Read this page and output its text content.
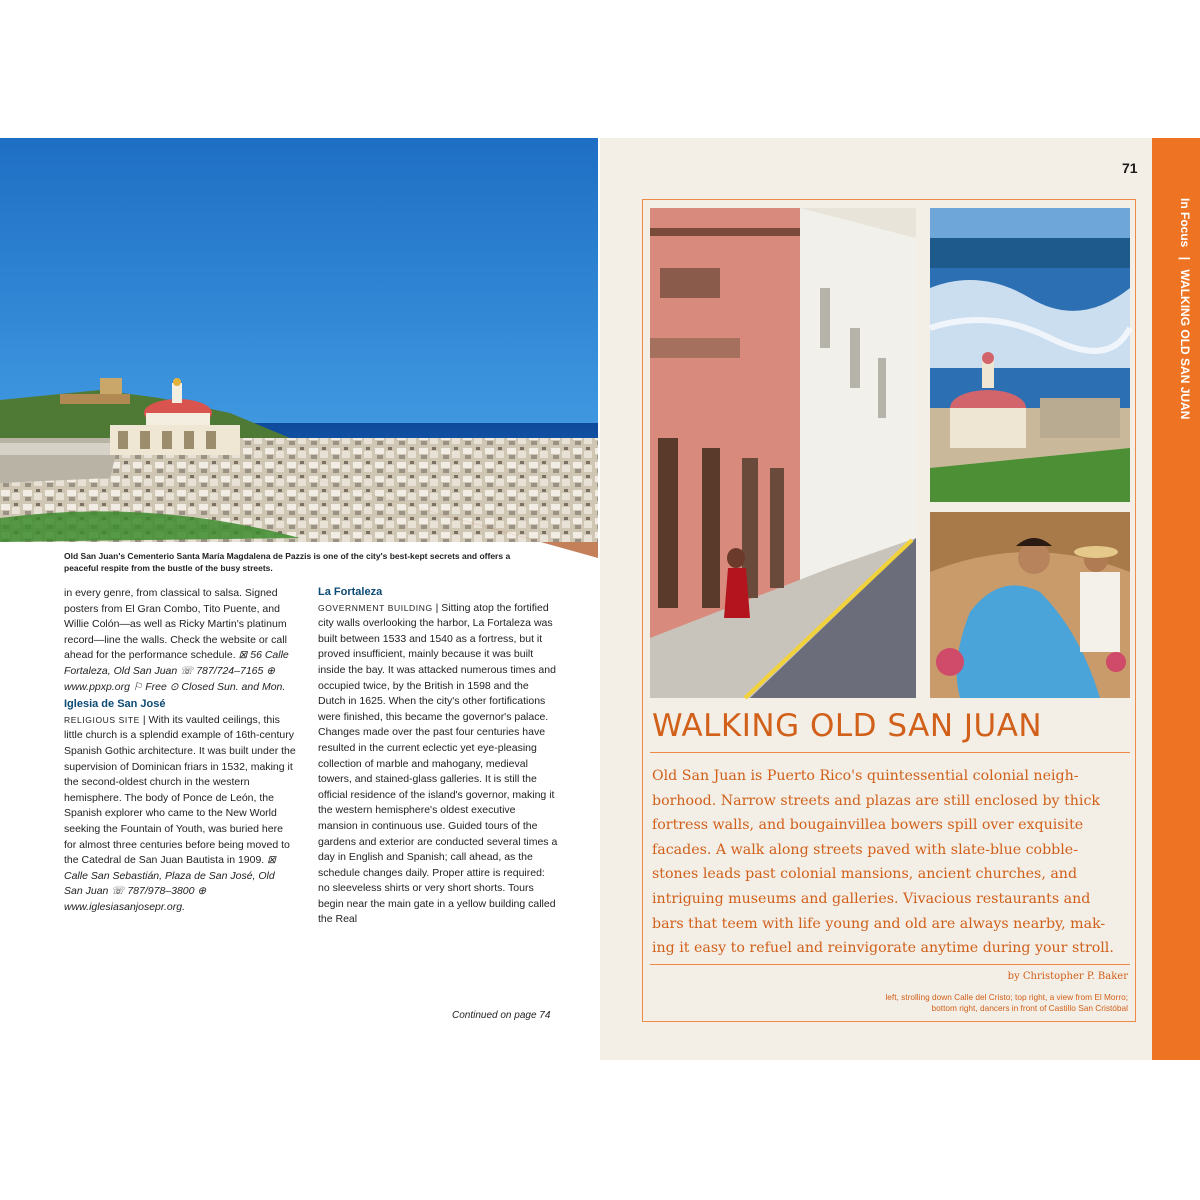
Old San Juan's Cementerio Santa María Magdalena de Pazzis is one of the city's best-kept secrets and offers a peaceful respite from the bustle of the busy streets.

in every genre, from classical to salsa. Signed posters from El Gran Combo, Tito Puente, and Willie Colón—as well as Ricky Martin's platinum record—line the walls. Check the website or call ahead for the performance schedule. ⊠ 56 Calle Fortaleza, Old San Juan ☏ 787/724–7165 ⊕ www.ppxp.org ⚐ Free ⊙ Closed Sun. and Mon.

Iglesia de San José

RELIGIOUS SITE | With its vaulted ceilings, this little church is a splendid example of 16th-century Spanish Gothic architecture. It was built under the supervision of Dominican friars in 1532, making it the second-oldest church in the western hemisphere. The body of Ponce de León, the Spanish explorer who came to the New World seeking the Fountain of Youth, was buried here for almost three centuries before being moved to the Catedral de San Juan Bautista in 1909. ⊠ Calle San Sebastián, Plaza de San José, Old San Juan ☏ 787/978–3800 ⊕ www.iglesiasanjosepr.org.

La Fortaleza

GOVERNMENT BUILDING | Sitting atop the fortified city walls overlooking the harbor, La Fortaleza was built between 1533 and 1540 as a fortress, but it proved insufficient, mainly because it was built inside the bay. It was attacked numerous times and occupied twice, by the British in 1598 and the Dutch in 1625. When the city's other fortifications were finished, this became the governor's palace. Changes made over the past four centuries have resulted in the current eclectic yet eye-pleasing collection of marble and mahogany, medieval towers, and stained-glass galleries. It is still the official residence of the island's governor, making it the western hemisphere's oldest executive mansion in continuous use. Guided tours of the gardens and exterior are conducted several times a day in English and Spanish; call ahead, as the schedule changes daily. Proper attire is required: no sleeveless shirts or very short shorts. Tours begin near the main gate in a yellow building called the Real

Continued on page 74
71
In Focus | WALKING OLD SAN JUAN
WALKING OLD SAN JUAN

Old San Juan is Puerto Rico's quintessential colonial neigh-

borhood. Narrow streets and plazas are still enclosed by thick

fortress walls, and bougainvillea bowers spill over exquisite

facades. A walk along streets paved with slate-blue cobble-

stones leads past colonial mansions, ancient churches, and

intriguing museums and galleries. Vivacious restaurants and

bars that teem with life young and old are always nearby, mak-

ing it easy to refuel and reinvigorate anytime during your stroll.

by Christopher P. Baker
left, strolling down Calle del Cristo; top right, a view from El Morro;
bottom right, dancers in front of Castillo San Cristóbal
